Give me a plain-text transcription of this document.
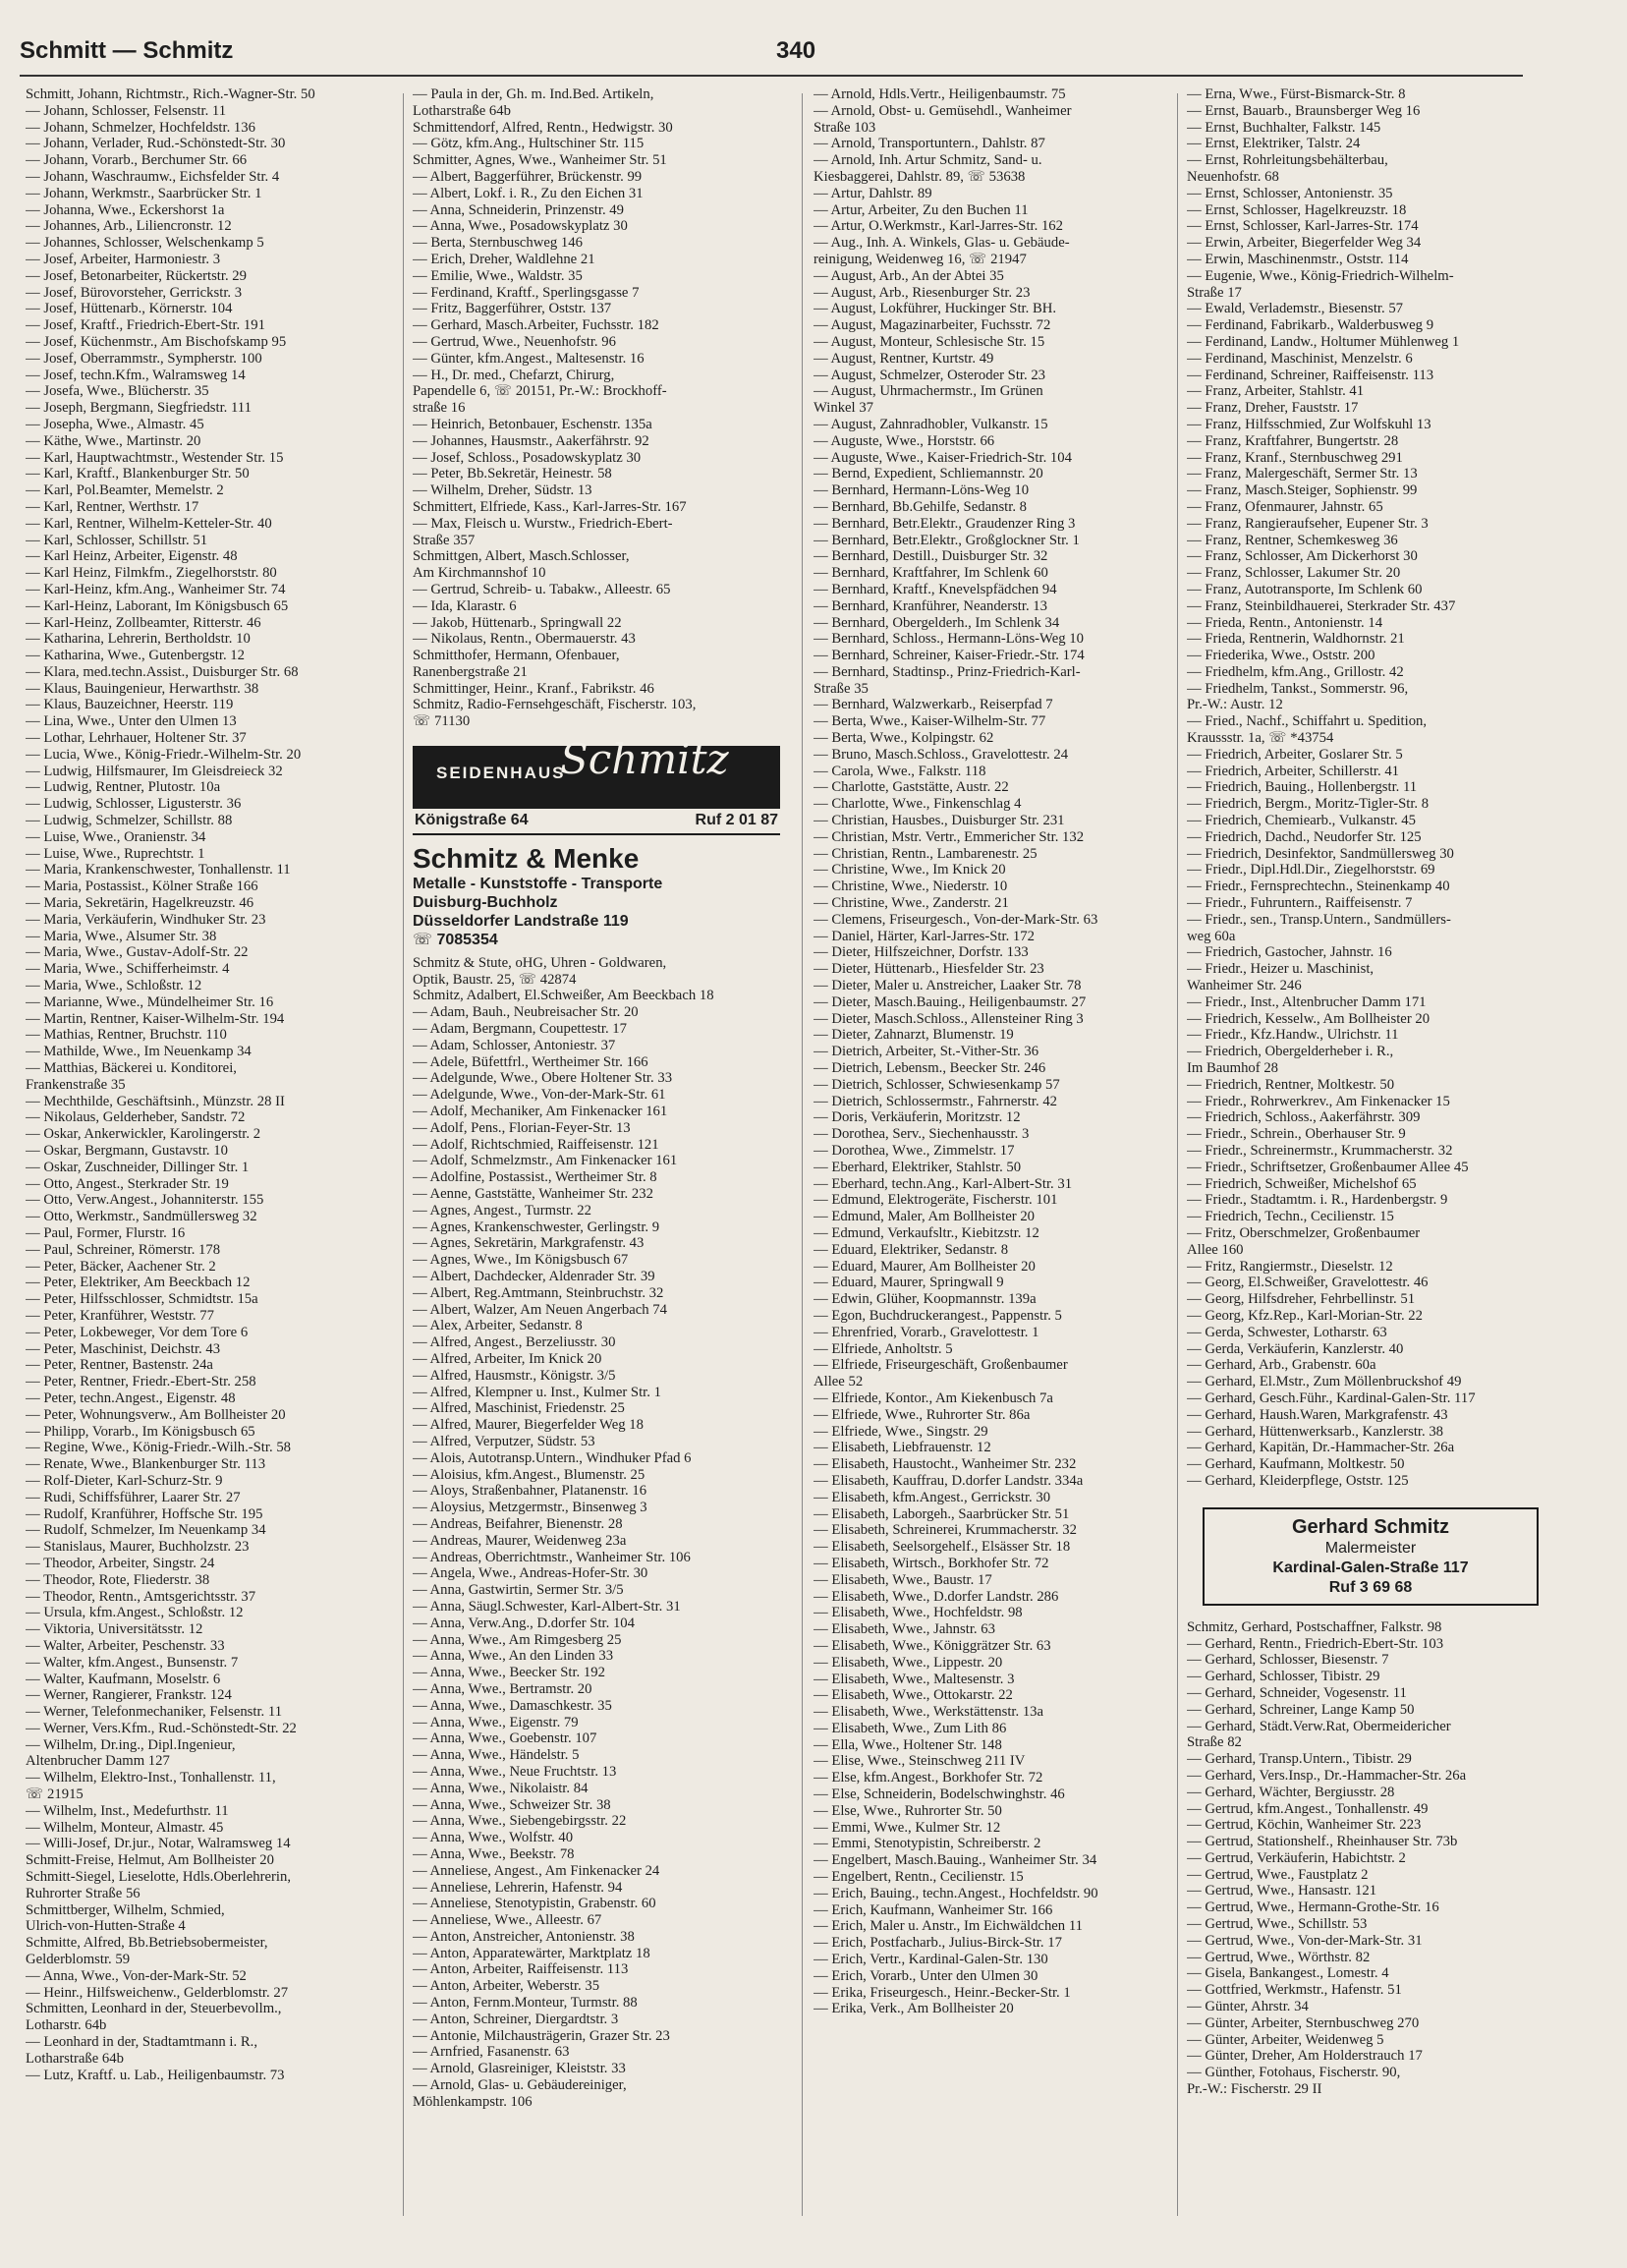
Schmitt — Schmitz	340
Schmitt, Johann, Richtmstr., Rich.-Wagner-Str. 50
— Johann, Schlosser, Felsenstr. 11
— Johann, Schmelzer, Hochfeldstr. 136
— Johann, Verlader, Rud.-Schönstedt-Str. 30
— Johann, Vorarb., Berchumer Str. 66
— Johann, Waschraumw., Eichsfelder Str. 4
— Johann, Werkmstr., Saarbrücker Str. 1
— Johanna, Wwe., Eckershorst 1a
— Johannes, Arb., Liliencronstr. 12
— Johannes, Schlosser, Welschenkamp 5
— Josef, Arbeiter, Harmoniestr. 3
— Josef, Betonarbeiter, Rückertstr. 29
— Josef, Bürovorsteher, Gerrickstr. 3
— Josef, Hüttenarb., Körnerstr. 104
— Josef, Kraftf., Friedrich-Ebert-Str. 191
— Josef, Küchenmstr., Am Bischofskamp 95
— Josef, Oberrammstr., Sympherstr. 100
— Josef, techn.Kfm., Walramsweg 14
— Josefa, Wwe., Blücherstr. 35
— Joseph, Bergmann, Siegfriedstr. 111
— Josepha, Wwe., Almastr. 45
— Käthe, Wwe., Martinstr. 20
— Karl, Hauptwachtmstr., Westender Str. 15
— Karl, Kraftf., Blankenburger Str. 50
— Karl, Pol.Beamter, Memelstr. 2
— Karl, Rentner, Werthstr. 17
— Karl, Rentner, Wilhelm-Ketteler-Str. 40
— Karl, Schlosser, Schillstr. 51
— Karl Heinz, Arbeiter, Eigenstr. 48
— Karl Heinz, Filmkfm., Ziegelhorststr. 80
— Karl-Heinz, kfm.Ang., Wanheimer Str. 74
— Karl-Heinz, Laborant, Im Königsbusch 65
— Karl-Heinz, Zollbeamter, Ritterstr. 46
— Katharina, Lehrerin, Bertholdstr. 10
— Katharina, Wwe., Gutenbergstr. 12
— Klara, med.techn.Assist., Duisburger Str. 68
— Klaus, Bauingenieur, Herwarthstr. 38
— Klaus, Bauzeichner, Heerstr. 119
— Lina, Wwe., Unter den Ulmen 13
— Lothar, Lehrhauer, Holtener Str. 37
— Lucia, Wwe., König-Friedr.-Wilhelm-Str. 20
— Ludwig, Hilfsmaurer, Im Gleisdreieck 32
— Ludwig, Rentner, Plutostr. 10a
— Ludwig, Schlosser, Ligusterstr. 36
— Ludwig, Schmelzer, Schillstr. 88
— Luise, Wwe., Oranienstr. 34
— Luise, Wwe., Ruprechtstr. 1
— Maria, Krankenschwester, Tonhallenstr. 11
— Maria, Postassist., Kölner Straße 166
— Maria, Sekretärin, Hagelkreuzstr. 46
— Maria, Verkäuferin, Windhuker Str. 23
— Maria, Wwe., Alsumer Str. 38
— Maria, Wwe., Gustav-Adolf-Str. 22
— Maria, Wwe., Schifferheimstr. 4
— Maria, Wwe., Schloßstr. 12
— Marianne, Wwe., Mündelheimer Str. 16
— Martin, Rentner, Kaiser-Wilhelm-Str. 194
— Mathias, Rentner, Bruchstr. 110
— Mathilde, Wwe., Im Neuenkamp 34
— Matthias, Bäckerei u. Konditorei,
Frankenstraße 35
— Mechthilde, Geschäftsinh., Münzstr. 28 II
— Nikolaus, Gelderheber, Sandstr. 72
— Oskar, Ankerwickler, Karolingerstr. 2
— Oskar, Bergmann, Gustavstr. 10
— Oskar, Zuschneider, Dillinger Str. 1
— Otto, Angest., Sterkrader Str. 19
— Otto, Verw.Angest., Johanniterstr. 155
— Otto, Werkmstr., Sandmüllersweg 32
— Paul, Former, Flurstr. 16
— Paul, Schreiner, Römerstr. 178
— Peter, Bäcker, Aachener Str. 2
— Peter, Elektriker, Am Beeckbach 12
— Peter, Hilfsschlosser, Schmidtstr. 15a
— Peter, Kranführer, Weststr. 77
— Peter, Lokbeweger, Vor dem Tore 6
— Peter, Maschinist, Deichstr. 43
— Peter, Rentner, Bastenstr. 24a
— Peter, Rentner, Friedr.-Ebert-Str. 258
— Peter, techn.Angest., Eigenstr. 48
— Peter, Wohnungsverw., Am Bollheister 20
— Philipp, Vorarb., Im Königsbusch 65
— Regine, Wwe., König-Friedr.-Wilh.-Str. 58
— Renate, Wwe., Blankenburger Str. 113
— Rolf-Dieter, Karl-Schurz-Str. 9
— Rudi, Schiffsführer, Laarer Str. 27
— Rudolf, Kranführer, Hoffsche Str. 195
— Rudolf, Schmelzer, Im Neuenkamp 34
— Stanislaus, Maurer, Buchholzstr. 23
— Theodor, Arbeiter, Singstr. 24
— Theodor, Rote, Fliederstr. 38
— Theodor, Rentn., Amtsgerichtsstr. 37
— Ursula, kfm.Angest., Schloßstr. 12
— Viktoria, Universitätsstr. 12
— Walter, Arbeiter, Peschenstr. 33
— Walter, kfm.Angest., Bunsenstr. 7
— Walter, Kaufmann, Moselstr. 6
— Werner, Rangierer, Frankstr. 124
— Werner, Telefonmechaniker, Felsenstr. 11
— Werner, Vers.Kfm., Rud.-Schönstedt-Str. 22
— Wilhelm, Dr.ing., Dipl.Ingenieur,
Altenbrucher Damm 127
— Wilhelm, Elektro-Inst., Tonhallenstr. 11,
☏ 21915
— Wilhelm, Inst., Medefurthstr. 11
— Wilhelm, Monteur, Almastr. 45
— Willi-Josef, Dr.jur., Notar, Walramsweg 14
Schmitt-Freise, Helmut, Am Bollheister 20
Schmitt-Siegel, Lieselotte, Hdls.Oberlehrerin,
Ruhrorter Straße 56
Schmittberger, Wilhelm, Schmied,
Ulrich-von-Hutten-Straße 4
Schmitte, Alfred, Bb.Betriebsobermeister,
Gelderblomstr. 59
— Anna, Wwe., Von-der-Mark-Str. 52
— Heinr., Hilfsweichenw., Gelderblomstr. 27
Schmitten, Leonhard in der, Steuerbevollm.,
Lotharstr. 64b
— Leonhard in der, Stadtamtmann i. R.,
Lotharstraße 64b
— Lutz, Kraftf. u. Lab., Heiligenbaumstr. 73
— Paula in der, Gh. m. Ind.Bed. Artikeln,
Lotharstraße 64b
Schmittendorf, Alfred, Rentn., Hedwigstr. 30
— Götz, kfm.Ang., Hultschiner Str. 115
Schmitter, Agnes, Wwe., Wanheimer Str. 51
— Albert, Baggerführer, Brückenstr. 99
— Albert, Lokf. i. R., Zu den Eichen 31
— Anna, Schneiderin, Prinzenstr. 49
— Anna, Wwe., Posadowskyplatz 30
— Berta, Sternbuschweg 146
— Erich, Dreher, Waldlehne 21
— Emilie, Wwe., Waldstr. 35
— Ferdinand, Kraftf., Sperlingsgasse 7
— Fritz, Baggerführer, Oststr. 137
— Gerhard, Masch.Arbeiter, Fuchsstr. 182
— Gertrud, Wwe., Neuenhofstr. 96
— Günter, kfm.Angest., Maltesenstr. 16
— H., Dr. med., Chefarzt, Chirurg,
Papendelle 6, ☏ 20151, Pr.-W.: Brockhoff-
straße 16
— Heinrich, Betonbauer, Eschenstr. 135a
— Johannes, Hausmstr., Aakerfährstr. 92
— Josef, Schloss., Posadowskyplatz 30
— Peter, Bb.Sekretär, Heinestr. 58
— Wilhelm, Dreher, Südstr. 13
Schmittert, Elfriede, Kass., Karl-Jarres-Str. 167
— Max, Fleisch u. Wurstw., Friedrich-Ebert-
Straße 357
Schmittgen, Albert, Masch.Schlosser,
Am Kirchmannshof 10
— Gertrud, Schreib- u. Tabakw., Alleestr. 65
— Ida, Klarastr. 6
— Jakob, Hüttenarb., Springwall 22
— Nikolaus, Rentn., Obermauerstr. 43
Schmitthofer, Hermann, Ofenbauer,
Ranenbergstraße 21
Schmittinger, Heinr., Kranf., Fabrikstr. 46
Schmitz, Radio-Fernsehgeschäft, Fischerstr. 103,
☏ 71130
SEIDENHAUS
Schmitz
Königstraße 64	Ruf 2 01 87
Schmitz & Menke
Metalle - Kunststoffe - Transporte
Duisburg-Buchholz
Düsseldorfer Landstraße 119
☏ 7085354
Schmitz & Stute, oHG, Uhren - Goldwaren,
Optik, Baustr. 25, ☏ 42874
Schmitz, Adalbert, El.Schweißer, Am Beeckbach 18
— Adam, Bauh., Neubreisacher Str. 20
— Adam, Bergmann, Coupettestr. 17
— Adam, Schlosser, Antoniestr. 37
— Adele, Büfettfrl., Wertheimer Str. 166
— Adelgunde, Wwe., Obere Holtener Str. 33
— Adelgunde, Wwe., Von-der-Mark-Str. 61
— Adolf, Mechaniker, Am Finkenacker 161
— Adolf, Pens., Florian-Feyer-Str. 13
— Adolf, Richtschmied, Raiffeisenstr. 121
— Adolf, Schmelzmstr., Am Finkenacker 161
— Adolfine, Postassist., Wertheimer Str. 8
— Aenne, Gaststätte, Wanheimer Str. 232
— Agnes, Angest., Turmstr. 22
— Agnes, Krankenschwester, Gerlingstr. 9
— Agnes, Sekretärin, Markgrafenstr. 43
— Agnes, Wwe., Im Königsbusch 67
— Albert, Dachdecker, Aldenrader Str. 39
— Albert, Reg.Amtmann, Steinbruchstr. 32
— Albert, Walzer, Am Neuen Angerbach 74
— Alex, Arbeiter, Sedanstr. 8
— Alfred, Angest., Berzeliusstr. 30
— Alfred, Arbeiter, Im Knick 20
— Alfred, Hausmstr., Königstr. 3/5
— Alfred, Klempner u. Inst., Kulmer Str. 1
— Alfred, Maschinist, Friedenstr. 25
— Alfred, Maurer, Biegerfelder Weg 18
— Alfred, Verputzer, Südstr. 53
— Alois, Autotransp.Untern., Windhuker Pfad 6
— Aloisius, kfm.Angest., Blumenstr. 25
— Aloys, Straßenbahner, Platanenstr. 16
— Aloysius, Metzgermstr., Binsenweg 3
— Andreas, Beifahrer, Bienenstr. 28
— Andreas, Maurer, Weidenweg 23a
— Andreas, Oberrichtmstr., Wanheimer Str. 106
— Angela, Wwe., Andreas-Hofer-Str. 30
— Anna, Gastwirtin, Sermer Str. 3/5
— Anna, Säugl.Schwester, Karl-Albert-Str. 31
— Anna, Verw.Ang., D.dorfer Str. 104
— Anna, Wwe., Am Rimgesberg 25
— Anna, Wwe., An den Linden 33
— Anna, Wwe., Beecker Str. 192
— Anna, Wwe., Bertramstr. 20
— Anna, Wwe., Damaschkestr. 35
— Anna, Wwe., Eigenstr. 79
— Anna, Wwe., Goebenstr. 107
— Anna, Wwe., Händelstr. 5
— Anna, Wwe., Neue Fruchtstr. 13
— Anna, Wwe., Nikolaistr. 84
— Anna, Wwe., Schweizer Str. 38
— Anna, Wwe., Siebengebirgsstr. 22
— Anna, Wwe., Wolfstr. 40
— Anna, Wwe., Beekstr. 78
— Anneliese, Angest., Am Finkenacker 24
— Anneliese, Lehrerin, Hafenstr. 94
— Anneliese, Stenotypistin, Grabenstr. 60
— Anneliese, Wwe., Alleestr. 67
— Anton, Anstreicher, Antonienstr. 38
— Anton, Apparatewärter, Marktplatz 18
— Anton, Arbeiter, Raiffeisenstr. 113
— Anton, Arbeiter, Weberstr. 35
— Anton, Fernm.Monteur, Turmstr. 88
— Anton, Schreiner, Diergardtstr. 3
— Antonie, Milchausträgerin, Grazer Str. 23
— Arnfried, Fasanenstr. 63
— Arnold, Glasreiniger, Kleiststr. 33
— Arnold, Glas- u. Gebäudereiniger,
Möhlenkampstr. 106
— Arnold, Hdls.Vertr., Heiligenbaumstr. 75
— Arnold, Obst- u. Gemüsehdl., Wanheimer
Straße 103
— Arnold, Transportuntern., Dahlstr. 87
— Arnold, Inh. Artur Schmitz, Sand- u.
Kiesbaggerei, Dahlstr. 89, ☏ 53638
— Artur, Dahlstr. 89
— Artur, Arbeiter, Zu den Buchen 11
— Artur, O.Werkmstr., Karl-Jarres-Str. 162
— Aug., Inh. A. Winkels, Glas- u. Gebäude-
reinigung, Weidenweg 16, ☏ 21947
— August, Arb., An der Abtei 35
— August, Arb., Riesenburger Str. 23
— August, Lokführer, Huckinger Str. BH.
— August, Magazinarbeiter, Fuchsstr. 72
— August, Monteur, Schlesische Str. 15
— August, Rentner, Kurtstr. 49
— August, Schmelzer, Osteroder Str. 23
— August, Uhrmachermstr., Im Grünen
Winkel 37
— August, Zahnradhobler, Vulkanstr. 15
— Auguste, Wwe., Horststr. 66
— Auguste, Wwe., Kaiser-Friedrich-Str. 104
— Bernd, Expedient, Schliemannstr. 20
— Bernhard, Hermann-Löns-Weg 10
— Bernhard, Bb.Gehilfe, Sedanstr. 8
— Bernhard, Betr.Elektr., Graudenzer Ring 3
— Bernhard, Betr.Elektr., Großglockner Str. 1
— Bernhard, Destill., Duisburger Str. 32
— Bernhard, Kraftfahrer, Im Schlenk 60
— Bernhard, Kraftf., Knevelspfädchen 94
— Bernhard, Kranführer, Neanderstr. 13
— Bernhard, Obergelderh., Im Schlenk 34
— Bernhard, Schloss., Hermann-Löns-Weg 10
— Bernhard, Schreiner, Kaiser-Friedr.-Str. 174
— Bernhard, Stadtinsp., Prinz-Friedrich-Karl-
Straße 35
— Bernhard, Walzwerkarb., Reiserpfad 7
— Berta, Wwe., Kaiser-Wilhelm-Str. 77
— Berta, Wwe., Kolpingstr. 62
— Bruno, Masch.Schloss., Gravelottestr. 24
— Carola, Wwe., Falkstr. 118
— Charlotte, Gaststätte, Austr. 22
— Charlotte, Wwe., Finkenschlag 4
— Christian, Hausbes., Duisburger Str. 231
— Christian, Mstr. Vertr., Emmericher Str. 132
— Christian, Rentn., Lambarenestr. 25
— Christine, Wwe., Im Knick 20
— Christine, Wwe., Niederstr. 10
— Christine, Wwe., Zanderstr. 21
— Clemens, Friseurgesch., Von-der-Mark-Str. 63
— Daniel, Härter, Karl-Jarres-Str. 172
— Dieter, Hilfszeichner, Dorfstr. 133
— Dieter, Hüttenarb., Hiesfelder Str. 23
— Dieter, Maler u. Anstreicher, Laaker Str. 78
— Dieter, Masch.Bauing., Heiligenbaumstr. 27
— Dieter, Masch.Schloss., Allensteiner Ring 3
— Dieter, Zahnarzt, Blumenstr. 19
— Dietrich, Arbeiter, St.-Vither-Str. 36
— Dietrich, Lebensm., Beecker Str. 246
— Dietrich, Schlosser, Schwiesenkamp 57
— Dietrich, Schlossermstr., Fahrnerstr. 42
— Doris, Verkäuferin, Moritzstr. 12
— Dorothea, Serv., Siechenhausstr. 3
— Dorothea, Wwe., Zimmelstr. 17
— Eberhard, Elektriker, Stahlstr. 50
— Eberhard, techn.Ang., Karl-Albert-Str. 31
— Edmund, Elektrogeräte, Fischerstr. 101
— Edmund, Maler, Am Bollheister 20
— Edmund, Verkaufsltr., Kiebitzstr. 12
— Eduard, Elektriker, Sedanstr. 8
— Eduard, Maurer, Am Bollheister 20
— Eduard, Maurer, Springwall 9
— Edwin, Glüher, Koopmannstr. 139a
— Egon, Buchdruckerangest., Pappenstr. 5
— Ehrenfried, Vorarb., Gravelottestr. 1
— Elfriede, Anholtstr. 5
— Elfriede, Friseurgeschäft, Großenbaumer
Allee 52
— Elfriede, Kontor., Am Kiekenbusch 7a
— Elfriede, Wwe., Ruhrorter Str. 86a
— Elfriede, Wwe., Singstr. 29
— Elisabeth, Liebfrauenstr. 12
— Elisabeth, Haustocht., Wanheimer Str. 232
— Elisabeth, Kauffrau, D.dorfer Landstr. 334a
— Elisabeth, kfm.Angest., Gerrickstr. 30
— Elisabeth, Laborgeh., Saarbrücker Str. 51
— Elisabeth, Schreinerei, Krummacherstr. 32
— Elisabeth, Seelsorgehelf., Elsässer Str. 18
— Elisabeth, Wirtsch., Borkhofer Str. 72
— Elisabeth, Wwe., Baustr. 17
— Elisabeth, Wwe., D.dorfer Landstr. 286
— Elisabeth, Wwe., Hochfeldstr. 98
— Elisabeth, Wwe., Jahnstr. 63
— Elisabeth, Wwe., Königgrätzer Str. 63
— Elisabeth, Wwe., Lippestr. 20
— Elisabeth, Wwe., Maltesenstr. 3
— Elisabeth, Wwe., Ottokarstr. 22
— Elisabeth, Wwe., Werkstättenstr. 13a
— Elisabeth, Wwe., Zum Lith 86
— Ella, Wwe., Holtener Str. 148
— Elise, Wwe., Steinschweg 211 IV
— Else, kfm.Angest., Borkhofer Str. 72
— Else, Schneiderin, Bodelschwinghstr. 46
— Else, Wwe., Ruhrorter Str. 50
— Emmi, Wwe., Kulmer Str. 12
— Emmi, Stenotypistin, Schreiberstr. 2
— Engelbert, Masch.Bauing., Wanheimer Str. 34
— Engelbert, Rentn., Cecilienstr. 15
— Erich, Bauing., techn.Angest., Hochfeldstr. 90
— Erich, Kaufmann, Wanheimer Str. 166
— Erich, Maler u. Anstr., Im Eichwäldchen 11
— Erich, Postfacharb., Julius-Birck-Str. 17
— Erich, Vertr., Kardinal-Galen-Str. 130
— Erich, Vorarb., Unter den Ulmen 30
— Erika, Friseurgesch., Heinr.-Becker-Str. 1
— Erika, Verk., Am Bollheister 20
— Erna, Wwe., Fürst-Bismarck-Str. 8
— Ernst, Bauarb., Braunsberger Weg 16
— Ernst, Buchhalter, Falkstr. 145
— Ernst, Elektriker, Talstr. 24
— Ernst, Rohrleitungsbehälterbau,
Neuenhofstr. 68
— Ernst, Schlosser, Antonienstr. 35
— Ernst, Schlosser, Hagelkreuzstr. 18
— Ernst, Schlosser, Karl-Jarres-Str. 174
— Erwin, Arbeiter, Biegerfelder Weg 34
— Erwin, Maschinenmstr., Oststr. 114
— Eugenie, Wwe., König-Friedrich-Wilhelm-
Straße 17
— Ewald, Verlademstr., Biesenstr. 57
— Ferdinand, Fabrikarb., Walderbusweg 9
— Ferdinand, Landw., Holtumer Mühlenweg 1
— Ferdinand, Maschinist, Menzelstr. 6
— Ferdinand, Schreiner, Raiffeisenstr. 113
— Franz, Arbeiter, Stahlstr. 41
— Franz, Dreher, Fauststr. 17
— Franz, Hilfsschmied, Zur Wolfskuhl 13
— Franz, Kraftfahrer, Bungertstr. 28
— Franz, Kranf., Sternbuschweg 291
— Franz, Malergeschäft, Sermer Str. 13
— Franz, Masch.Steiger, Sophienstr. 99
— Franz, Ofenmaurer, Jahnstr. 65
— Franz, Rangieraufseher, Eupener Str. 3
— Franz, Rentner, Schemkesweg 36
— Franz, Schlosser, Am Dickerhorst 30
— Franz, Schlosser, Lakumer Str. 20
— Franz, Autotransporte, Im Schlenk 60
— Franz, Steinbildhauerei, Sterkrader Str. 437
— Frieda, Rentn., Antonienstr. 14
— Frieda, Rentnerin, Waldhornstr. 21
— Friederika, Wwe., Oststr. 200
— Friedhelm, kfm.Ang., Grillostr. 42
— Friedhelm, Tankst., Sommerstr. 96,
Pr.-W.: Austr. 12
— Fried., Nachf., Schiffahrt u. Spedition,
Kraussstr. 1a, ☏ *43754
— Friedrich, Arbeiter, Goslarer Str. 5
— Friedrich, Arbeiter, Schillerstr. 41
— Friedrich, Bauing., Hollenbergstr. 11
— Friedrich, Bergm., Moritz-Tigler-Str. 8
— Friedrich, Chemiearb., Vulkanstr. 45
— Friedrich, Dachd., Neudorfer Str. 125
— Friedrich, Desinfektor, Sandmüllersweg 30
— Friedr., Dipl.Hdl.Dir., Ziegelhorststr. 69
— Friedr., Fernsprechtechn., Steinenkamp 40
— Friedr., Fuhruntern., Raiffeisenstr. 7
— Friedr., sen., Transp.Untern., Sandmüllers-
weg 60a
— Friedrich, Gastocher, Jahnstr. 16
— Friedr., Heizer u. Maschinist,
Wanheimer Str. 246
— Friedr., Inst., Altenbrucher Damm 171
— Friedrich, Kesselw., Am Bollheister 20
— Friedr., Kfz.Handw., Ulrichstr. 11
— Friedrich, Obergelderheber i. R.,
Im Baumhof 28
— Friedrich, Rentner, Moltkestr. 50
— Friedr., Rohrwerkrev., Am Finkenacker 15
— Friedrich, Schloss., Aakerfährstr. 309
— Friedr., Schrein., Oberhauser Str. 9
— Friedr., Schreinermstr., Krummacherstr. 32
— Friedr., Schriftsetzer, Großenbaumer Allee 45
— Friedrich, Schweißer, Michelshof 65
— Friedr., Stadtamtm. i. R., Hardenbergstr. 9
— Friedrich, Techn., Cecilienstr. 15
— Fritz, Oberschmelzer, Großenbaumer
Allee 160
— Fritz, Rangiermstr., Dieselstr. 12
— Georg, El.Schweißer, Gravelottestr. 46
— Georg, Hilfsdreher, Fehrbellinstr. 51
— Georg, Kfz.Rep., Karl-Morian-Str. 22
— Gerda, Schwester, Lotharstr. 63
— Gerda, Verkäuferin, Kanzlerstr. 40
— Gerhard, Arb., Grabenstr. 60a
— Gerhard, El.Mstr., Zum Möllenbruckshof 49
— Gerhard, Gesch.Führ., Kardinal-Galen-Str. 117
— Gerhard, Haush.Waren, Markgrafenstr. 43
— Gerhard, Hüttenwerksarb., Kanzlerstr. 38
— Gerhard, Kapitän, Dr.-Hammacher-Str. 26a
— Gerhard, Kaufmann, Moltkestr. 50
— Gerhard, Kleiderpflege, Oststr. 125
Gerhard Schmitz
Malermeister
Kardinal-Galen-Straße 117
Ruf 3 69 68
Schmitz, Gerhard, Postschaffner, Falkstr. 98
— Gerhard, Rentn., Friedrich-Ebert-Str. 103
— Gerhard, Schlosser, Biesenstr. 7
— Gerhard, Schlosser, Tibistr. 29
— Gerhard, Schneider, Vogesenstr. 11
— Gerhard, Schreiner, Lange Kamp 50
— Gerhard, Städt.Verw.Rat, Obermeidericher
Straße 82
— Gerhard, Transp.Untern., Tibistr. 29
— Gerhard, Vers.Insp., Dr.-Hammacher-Str. 26a
— Gerhard, Wächter, Bergiusstr. 28
— Gertrud, kfm.Angest., Tonhallenstr. 49
— Gertrud, Köchin, Wanheimer Str. 223
— Gertrud, Stationshelf., Rheinhauser Str. 73b
— Gertrud, Verkäuferin, Habichtstr. 2
— Gertrud, Wwe., Faustplatz 2
— Gertrud, Wwe., Hansastr. 121
— Gertrud, Wwe., Hermann-Grothe-Str. 16
— Gertrud, Wwe., Schillstr. 53
— Gertrud, Wwe., Von-der-Mark-Str. 31
— Gertrud, Wwe., Wörthstr. 82
— Gisela, Bankangest., Lomestr. 4
— Gottfried, Werkmstr., Hafenstr. 51
— Günter, Ahrstr. 34
— Günter, Arbeiter, Sternbuschweg 270
— Günter, Arbeiter, Weidenweg 5
— Günter, Dreher, Am Holderstrauch 17
— Günther, Fotohaus, Fischerstr. 90,
Pr.-W.: Fischerstr. 29 II
